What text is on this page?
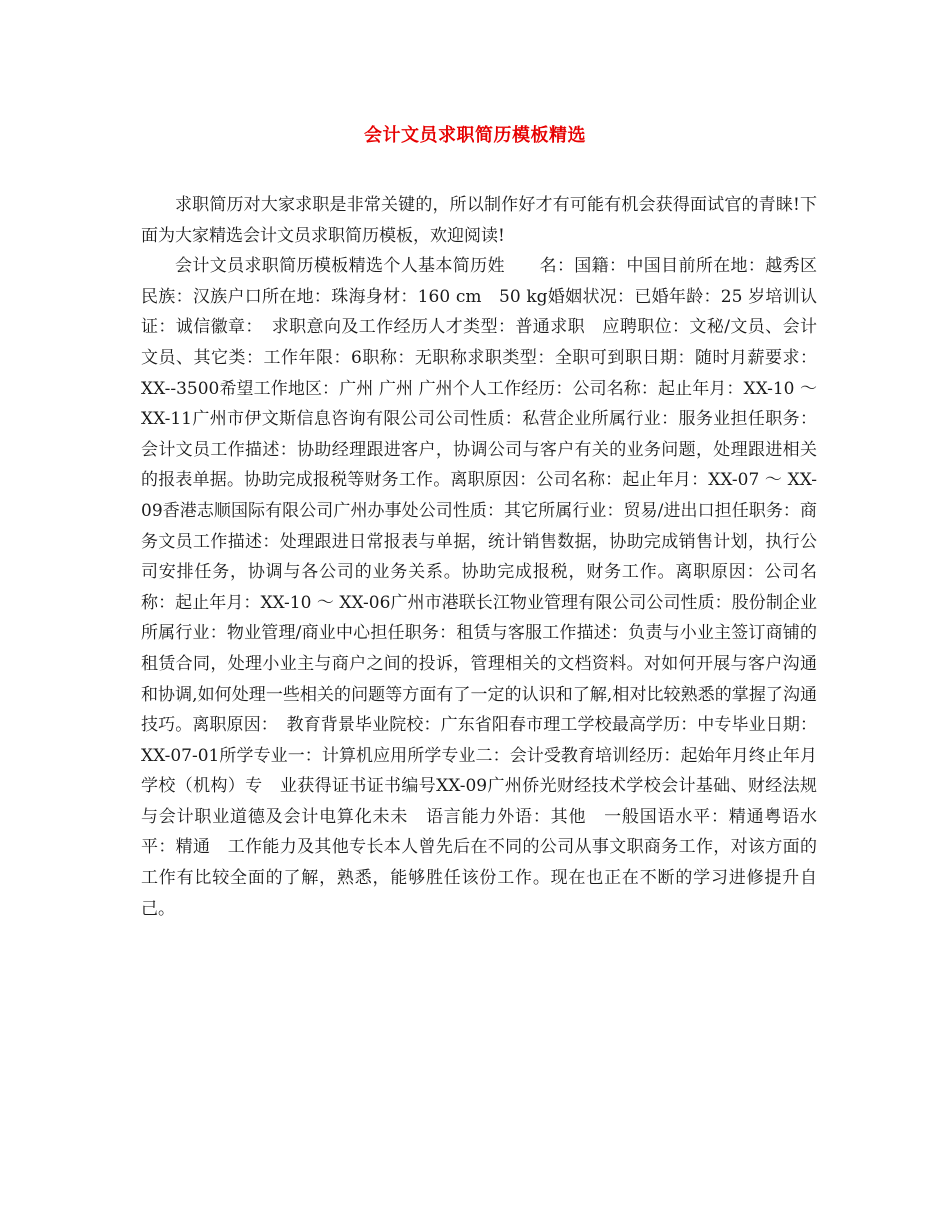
会计文员求职简历模板精选

求职简历对大家求职是非常关键的，所以制作好才有可能有机会获得面试官的青睐!下面为大家精选会计文员求职简历模板，欢迎阅读!

会计文员求职简历模板精选个人基本简历姓　　名：国籍：中国目前所在地：越秀区民族：汉族户口所在地：珠海身材：160 cm　50 kg婚姻状况：已婚年龄：25 岁培训认证：诚信徽章：　求职意向及工作经历人才类型：普通求职　应聘职位：文秘/文员、会计文员、其它类：工作年限：6职称：无职称求职类型：全职可到职日期：随时月薪要求：XX--3500希望工作地区：广州 广州 广州个人工作经历：公司名称：起止年月：XX-10 ～ XX-11广州市伊文斯信息咨询有限公司公司性质：私营企业所属行业：服务业担任职务：会计文员工作描述：协助经理跟进客户，协调公司与客户有关的业务问题，处理跟进相关的报表单据。协助完成报税等财务工作。离职原因：公司名称：起止年月：XX-07 ～ XX-09香港志顺国际有限公司广州办事处公司性质：其它所属行业：贸易/进出口担任职务：商务文员工作描述：处理跟进日常报表与单据，统计销售数据，协助完成销售计划，执行公司安排任务，协调与各公司的业务关系。协助完成报税，财务工作。离职原因：公司名称：起止年月：XX-10 ～ XX-06广州市港联长江物业管理有限公司公司性质：股份制企业所属行业：物业管理/商业中心担任职务：租赁与客服工作描述：负责与小业主签订商铺的租赁合同，处理小业主与商户之间的投诉，管理相关的文档资料。对如何开展与客户沟通和协调,如何处理一些相关的问题等方面有了一定的认识和了解,相对比较熟悉的掌握了沟通技巧。离职原因：　教育背景毕业院校：广东省阳春市理工学校最高学历：中专毕业日期：XX-07-01所学专业一：计算机应用所学专业二：会计受教育培训经历：起始年月终止年月学校（机构）专　业获得证书证书编号XX-09广州侨光财经技术学校会计基础、财经法规与会计职业道德及会计电算化未未　语言能力外语：其他　一般国语水平：精通粤语水平：精通　工作能力及其他专长本人曾先后在不同的公司从事文职商务工作，对该方面的工作有比较全面的了解，熟悉，能够胜任该份工作。现在也正在不断的学习进修提升自己。
